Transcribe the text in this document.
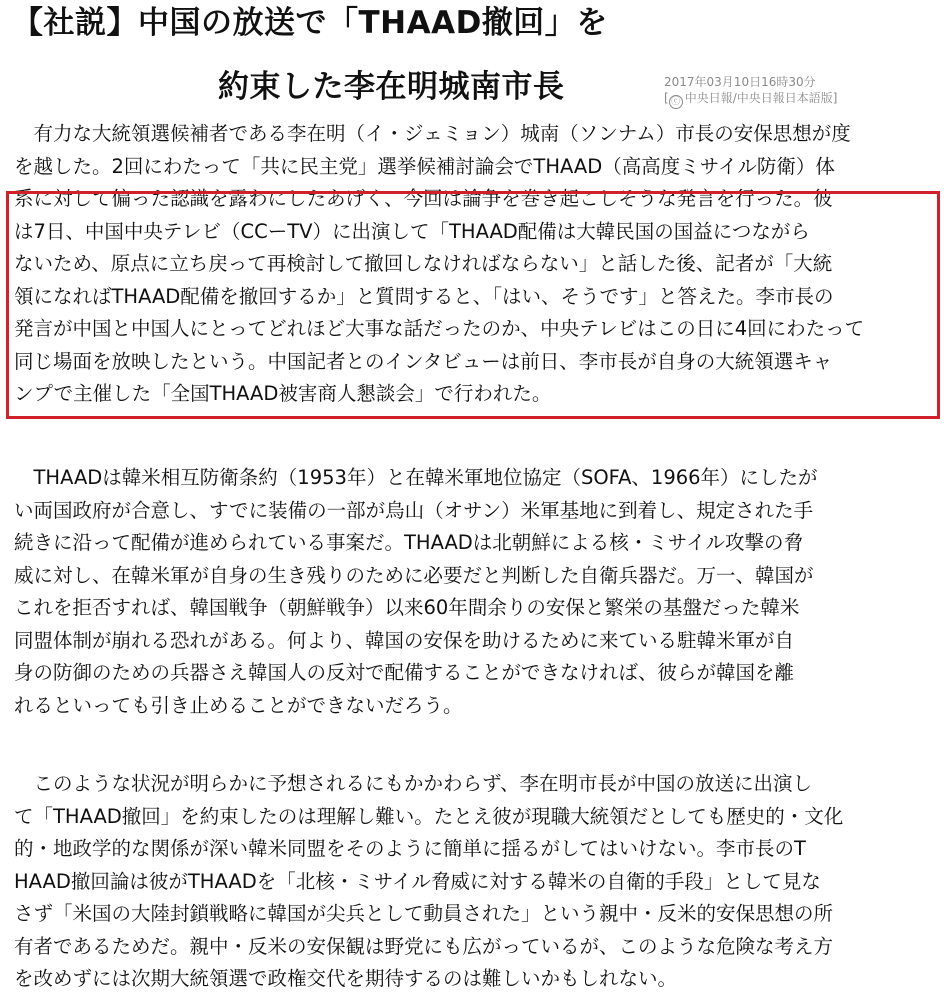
【社説】中国の放送で「THAAD撤回」を
約束した李在明城南市長	2017年03月10日16時30分
[ ⓒ 中央日報/中央日報日本語版]
　有力な大統領選候補者である李在明（イ・ジェミョン）城南（ソンナム）市長の安保思想が度
を越した。2回にわたって「共に民主党」選挙候補討論会でTHAAD（高高度ミサイル防衛）体
系に対して偏った認識を露わにしたあげく、今回は論争を巻き起こしそうな発言を行った。彼
は7日、中国中央テレビ（CCーTV）に出演して「THAAD配備は大韓民国の国益につながら
ないため、原点に立ち戻って再検討して撤回しなければならない」と話した後、記者が「大統
領になればTHAAD配備を撤回するか」と質問すると、「はい、そうです」と答えた。李市長の
発言が中国と中国人にとってどれほど大事な話だったのか、中央テレビはこの日に4回にわたって
同じ場面を放映したという。中国記者とのインタビューは前日、李市長が自身の大統領選キャ
ンプで主催した「全国THAAD被害商人懇談会」で行われた。
　THAADは韓米相互防衛条約（1953年）と在韓米軍地位協定（SOFA、1966年）にしたが
い両国政府が合意し、すでに装備の一部が烏山（オサン）米軍基地に到着し、規定された手
続きに沿って配備が進められている事案だ。THAADは北朝鮮による核・ミサイル攻撃の脅
威に対し、在韓米軍が自身の生き残りのために必要だと判断した自衛兵器だ。万一、韓国が
これを拒否すれば、韓国戦争（朝鮮戦争）以来60年間余りの安保と繁栄の基盤だった韓米
同盟体制が崩れる恐れがある。何より、韓国の安保を助けるために来ている駐韓米軍が自
身の防御のための兵器さえ韓国人の反対で配備することができなければ、彼らが韓国を離
れるといっても引き止めることができないだろう。
　このような状況が明らかに予想されるにもかかわらず、李在明市長が中国の放送に出演し
て「THAAD撤回」を約束したのは理解し難い。たとえ彼が現職大統領だとしても歴史的・文化
的・地政学的な関係が深い韓米同盟をそのように簡単に揺るがしてはいけない。李市長のT
HAAD撤回論は彼がTHAADを「北核・ミサイル脅威に対する韓米の自衛的手段」として見な
さず「米国の大陸封鎖戦略に韓国が尖兵として動員された」という親中・反米的安保思想の所
有者であるためだ。親中・反米の安保観は野党にも広がっているが、このような危険な考え方
を改めずには次期大統領選で政権交代を期待するのは難しいかもしれない。
